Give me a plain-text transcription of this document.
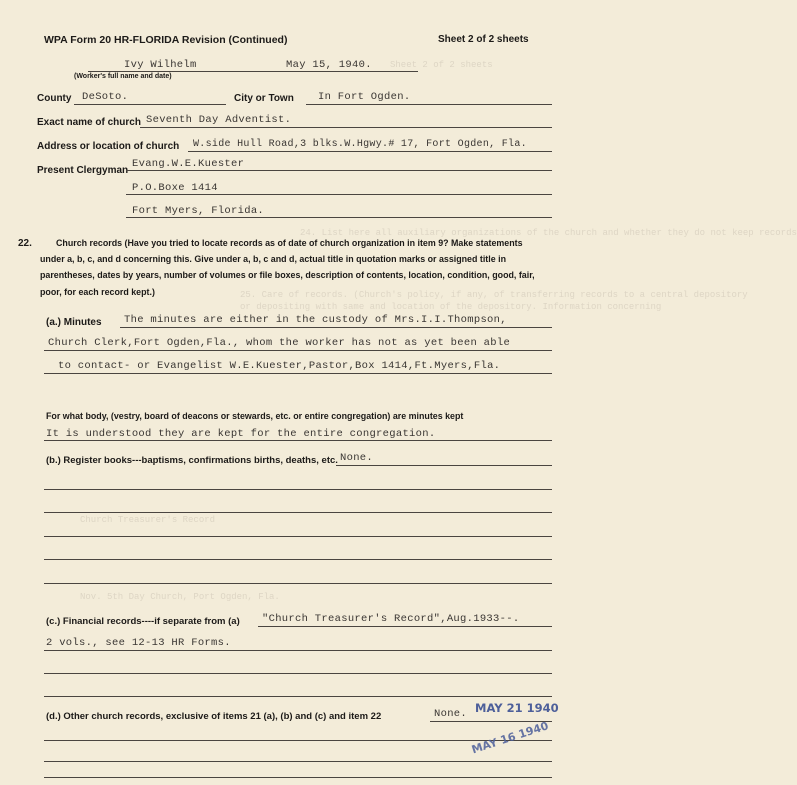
Sheet 2 of 2 sheets
24. List here all auxiliary organizations of the church and whether they do not keep records
25. Care of records. (Church's policy, if any, of transferring records to a central depository
or depositing with same and location of the depository. Information concerning
Church Treasurer's Record
Nov. 5th Day Church, Port Ogden, Fla.
WPA Form 20 HR-FLORIDA Revision (Continued)	Sheet 2 of 2 sheets
Ivy Wilhelm	May 15, 1940.
(Worker's full name and date)
County DeSoto.	City or Town In Fort Ogden.
Exact name of church Seventh Day Adventist.
Address or location of church W.side Hull Road,3 blks.W.Hgwy.# 17, Fort Ogden, Fla.
Present Clergyman
Evang.W.E.Kuester
P.O.Boxe 1414
Fort Myers, Florida.
22.	Church records (Have you tried to locate records as of date of church organization in item 9? Make statements
under a, b, c, and d concerning this. Give under a, b, c and d, actual title in quotation marks or assigned title in
parentheses, dates by years, number of volumes or file boxes, description of contents, location, condition, good, fair,
poor, for each record kept.)
(a.) Minutes The minutes are either in the custody of Mrs.I.I.Thompson,
Church Clerk,Fort Ogden,Fla., whom the worker has not as yet been able
to contact- or Evangelist W.E.Kuester,Pastor,Box 1414,Ft.Myers,Fla.
For what body, (vestry, board of deacons or stewards, etc. or entire congregation) are minutes kept
It is understood they are kept for the entire congregation.
(b.) Register books---baptisms, confirmations births, deaths, etc. None.
(c.) Financial records----if separate from (a) "Church Treasurer's Record",Aug.1933--.
2 vols., see 12-13 HR Forms.
(d.) Other church records, exclusive of items 21 (a), (b) and (c) and item 22	None. MAY 21 1940
MAY 16 1940
